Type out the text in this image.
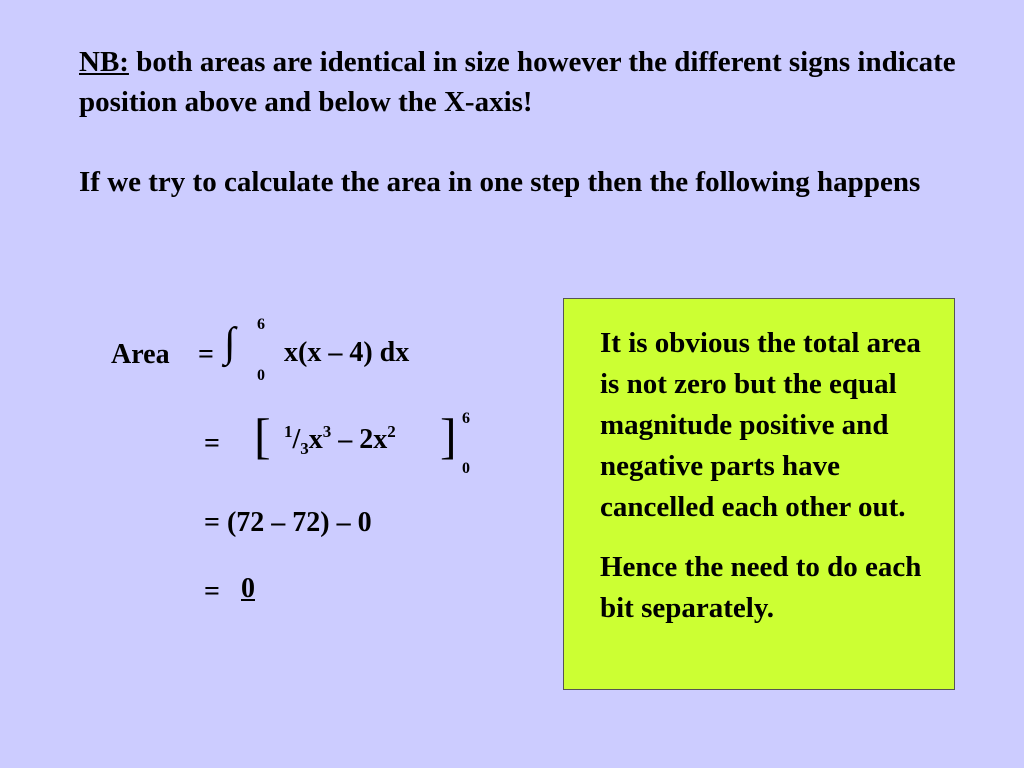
NB: both areas are identical in size however the different signs indicate position above and below the X-axis!
If we try to calculate the area in one step then the following happens
Area = ∫ 6
0
x(x – 4) dx
= [ $^1/_3x^3 - 2x^2$ ] 6
0
= (72 – 72) – 0
= 0

It is obvious the total area is not zero but the equal magnitude positive and negative parts have cancelled each other out.

Hence the need to do each bit separately.
